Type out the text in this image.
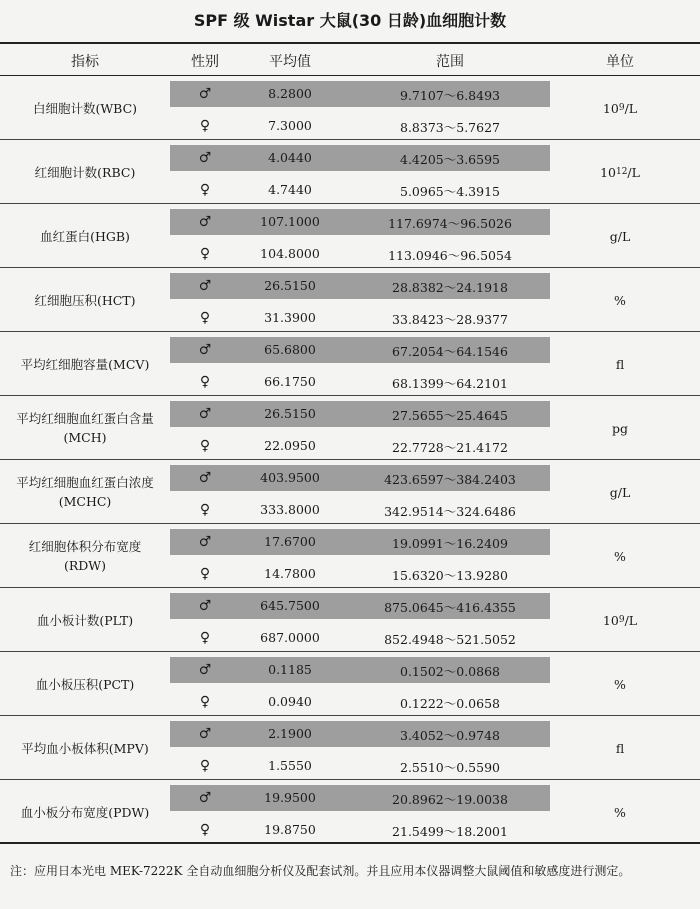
SPF 级 Wistar 大鼠(30 日龄)血细胞计数
指标	性别	平均值	范围	单位
白细胞计数(WBC)
♂	8.2800	9.7107～6.8493
♀	7.3000	8.8373～5.7627
10 9 /L
红细胞计数(RBC)
♂	4.0440	4.4205～3.6595
♀	4.7440	5.0965～4.3915
10 12 /L
血红蛋白(HGB)
♂	107.1000	117.6974～96.5026
♀	104.8000	113.0946～96.5054
g/L
红细胞压积(HCT)
♂	26.5150	28.8382～24.1918
♀	31.3900	33.8423～28.9377
%
平均红细胞容量(MCV)
♂	65.6800	67.2054～64.1546
♀	66.1750	68.1399～64.2101
fl
平均红细胞血红蛋白含量(MCH)
♂	26.5150	27.5655～25.4645
♀	22.0950	22.7728～21.4172
pg
平均红细胞血红蛋白浓度(MCHC)
♂	403.9500	423.6597～384.2403
♀	333.8000	342.9514～324.6486
g/L
红细胞体积分布宽度(RDW)
♂	17.6700	19.0991～16.2409
♀	14.7800	15.6320～13.9280
%
血小板计数(PLT)
♂	645.7500	875.0645～416.4355
♀	687.0000	852.4948～521.5052
10 9 /L
血小板压积(PCT)
♂	0.1185	0.1502～0.0868
♀	0.0940	0.1222～0.0658
%
平均血小板体积(MPV)
♂	2.1900	3.4052～0.9748
♀	1.5550	2.5510～0.5590
fl
血小板分布宽度(PDW)
♂	19.9500	20.8962～19.0038
♀	19.8750	21.5499～18.2001
%
注：应用日本光电 MEK-7222K 全自动血细胞分析仪及配套试剂。并且应用本仪器调整大鼠阈值和敏感度进行测定。
